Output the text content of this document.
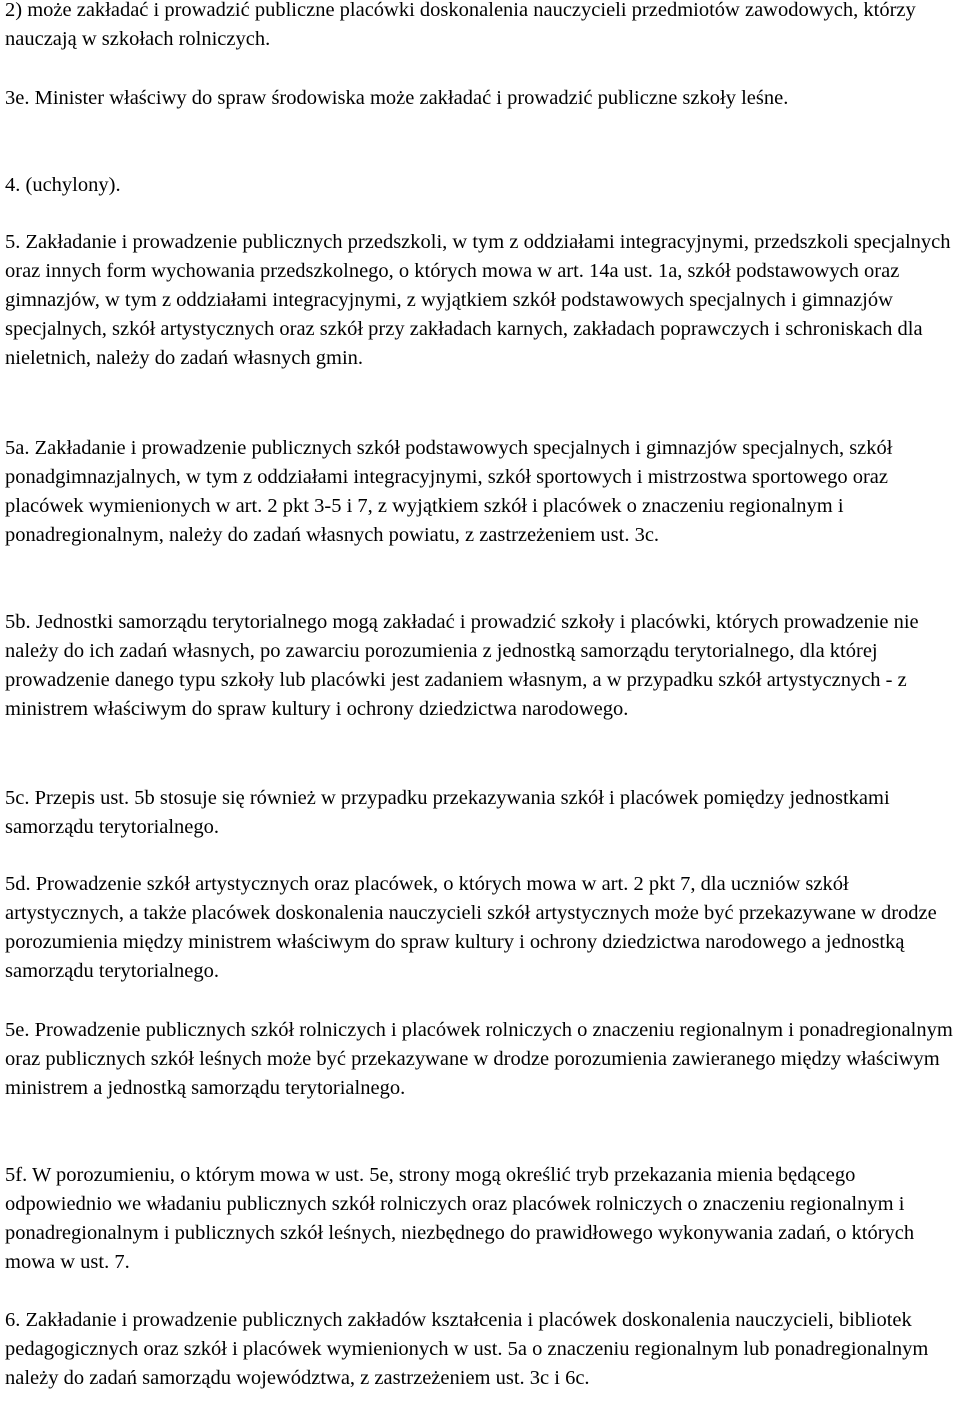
2) może zakładać i prowadzić publiczne placówki doskonalenia nauczycieli przedmiotów zawodowych, którzy nauczają w szkołach rolniczych.

3e. Minister właściwy do spraw środowiska może zakładać i prowadzić publiczne szkoły leśne.

4. (uchylony).

5. Zakładanie i prowadzenie publicznych przedszkoli, w tym z oddziałami integracyjnymi, przedszkoli specjalnych oraz innych form wychowania przedszkolnego, o których mowa w art. 14a ust. 1a, szkół podstawowych oraz gimnazjów, w tym z oddziałami integracyjnymi, z wyjątkiem szkół podstawowych specjalnych i gimnazjów specjalnych, szkół artystycznych oraz szkół przy zakładach karnych, zakładach poprawczych i schroniskach dla nieletnich, należy do zadań własnych gmin.

5a. Zakładanie i prowadzenie publicznych szkół podstawowych specjalnych i gimnazjów specjalnych, szkół ponadgimnazjalnych, w tym z oddziałami integracyjnymi, szkół sportowych i mistrzostwa sportowego oraz placówek wymienionych w art. 2 pkt 3-5 i 7, z wyjątkiem szkół i placówek o znaczeniu regionalnym i ponadregionalnym, należy do zadań własnych powiatu, z zastrzeżeniem ust. 3c.

5b. Jednostki samorządu terytorialnego mogą zakładać i prowadzić szkoły i placówki, których prowadzenie nie należy do ich zadań własnych, po zawarciu porozumienia z jednostką samorządu terytorialnego, dla której prowadzenie danego typu szkoły lub placówki jest zadaniem własnym, a w przypadku szkół artystycznych - z ministrem właściwym do spraw kultury i ochrony dziedzictwa narodowego.

5c. Przepis ust. 5b stosuje się również w przypadku przekazywania szkół i placówek pomiędzy jednostkami samorządu terytorialnego.

5d. Prowadzenie szkół artystycznych oraz placówek, o których mowa w art. 2 pkt 7, dla uczniów szkół artystycznych, a także placówek doskonalenia nauczycieli szkół artystycznych może być przekazywane w drodze porozumienia między ministrem właściwym do spraw kultury i ochrony dziedzictwa narodowego a jednostką samorządu terytorialnego.

5e. Prowadzenie publicznych szkół rolniczych i placówek rolniczych o znaczeniu regionalnym i ponadregionalnym oraz publicznych szkół leśnych może być przekazywane w drodze porozumienia zawieranego między właściwym ministrem a jednostką samorządu terytorialnego.

5f. W porozumieniu, o którym mowa w ust. 5e, strony mogą określić tryb przekazania mienia będącego odpowiednio we władaniu publicznych szkół rolniczych oraz placówek rolniczych o znaczeniu regionalnym i ponadregionalnym i publicznych szkół leśnych, niezbędnego do prawidłowego wykonywania zadań, o których mowa w ust. 7.

6. Zakładanie i prowadzenie publicznych zakładów kształcenia i placówek doskonalenia nauczycieli, bibliotek pedagogicznych oraz szkół i placówek wymienionych w ust. 5a o znaczeniu regionalnym lub ponadregionalnym należy do zadań samorządu województwa, z zastrzeżeniem ust. 3c i 6c.
